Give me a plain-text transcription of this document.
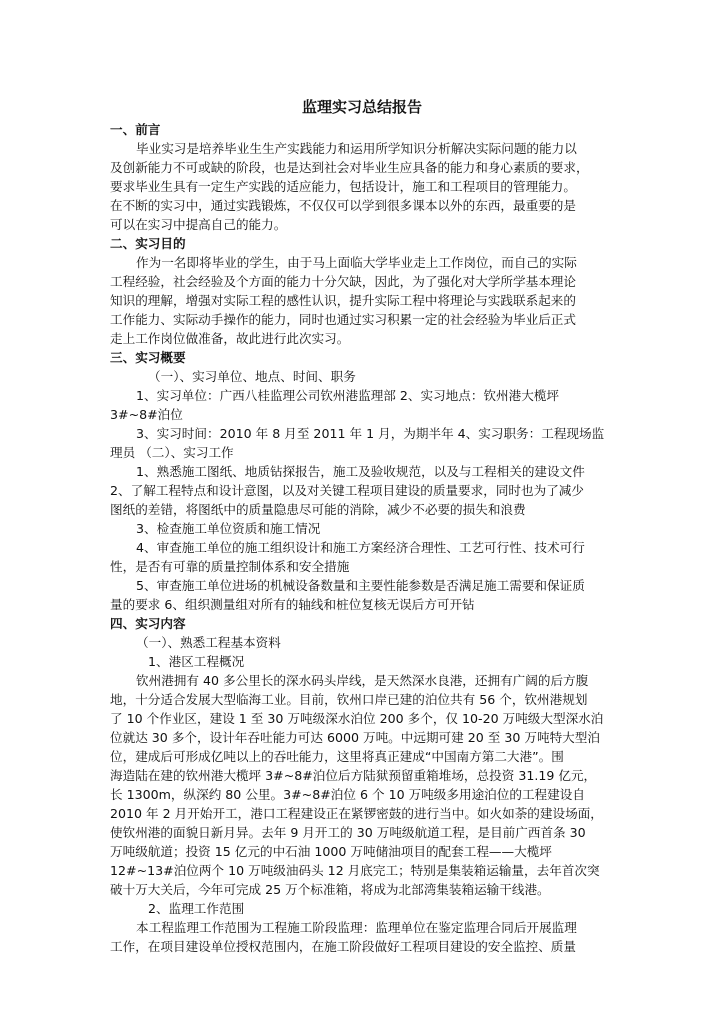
监理实习总结报告
一、前言
毕业实习是培养毕业生生产实践能力和运用所学知识分析解决实际问题的能力以
及创新能力不可或缺的阶段，也是达到社会对毕业生应具备的能力和身心素质的要求，
要求毕业生具有一定生产实践的适应能力，包括设计，施工和工程项目的管理能力。
在不断的实习中，通过实践锻炼，不仅仅可以学到很多课本以外的东西，最重要的是
可以在实习中提高自己的能力。
二、实习目的
作为一名即将毕业的学生，由于马上面临大学毕业走上工作岗位，而自己的实际
工程经验，社会经验及个方面的能力十分欠缺，因此，为了强化对大学所学基本理论
知识的理解，增强对实际工程的感性认识，提升实际工程中将理论与实践联系起来的
工作能力、实际动手操作的能力，同时也通过实习积累一定的社会经验为毕业后正式
走上工作岗位做准备，故此进行此次实习。
三、实习概要
（一）、实习单位、地点、时间、职务
1、实习单位：广西八桂监理公司钦州港监理部 2、实习地点：钦州港大榄坪
3#~8#泊位
3、实习时间：2010 年 8 月至 2011 年 1 月，为期半年 4、实习职务：工程现场监
理员 （二）、实习工作
1、熟悉施工图纸、地质钻探报告，施工及验收规范，以及与工程相关的建设文件
2、了解工程特点和设计意图，以及对关键工程项目建设的质量要求，同时也为了减少
图纸的差错，将图纸中的质量隐患尽可能的消除，减少不必要的损失和浪费
3、检查施工单位资质和施工情况
4、审查施工单位的施工组织设计和施工方案经济合理性、工艺可行性、技术可行
性，是否有可靠的质量控制体系和安全措施
5、审查施工单位进场的机械设备数量和主要性能参数是否满足施工需要和保证质
量的要求 6、组织测量组对所有的轴线和桩位复核无误后方可开钻
四、实习内容
（一）、熟悉工程基本资料
1、港区工程概况
钦州港拥有 40 多公里长的深水码头岸线，是天然深水良港，还拥有广阔的后方腹
地，十分适合发展大型临海工业。目前，钦州口岸已建的泊位共有 56 个，钦州港规划
了 10 个作业区，建设 1 至 30 万吨级深水泊位 200 多个，仅 10-20 万吨级大型深水泊
位就达 30 多个，设计年吞吐能力可达 6000 万吨。中远期可建 20 至 30 万吨特大型泊
位，建成后可形成亿吨以上的吞吐能力，这里将真正建成“中国南方第二大港”。围
海造陆在建的钦州港大榄坪 3#~8#泊位后方陆狱预留重箱堆场，总投资 31.19 亿元，
长 1300m，纵深约 80 公里。3#~8#泊位 6 个 10 万吨级多用途泊位的工程建设自
2010 年 2 月开始开工，港口工程建设正在紧锣密鼓的进行当中。如火如荼的建设场面，
使钦州港的面貌日新月异。去年 9 月开工的 30 万吨级航道工程，是目前广西首条 30
万吨级航道；投资 15 亿元的中石油 1000 万吨储油项目的配套工程——大榄坪
12#~13#泊位两个 10 万吨级油码头 12 月底完工；特别是集装箱运输量，去年首次突
破十万大关后，今年可完成 25 万个标准箱，将成为北部湾集装箱运输干线港。
2、监理工作范围
本工程监理工作范围为工程施工阶段监理：监理单位在鉴定监理合同后开展监理
工作，在项目建设单位授权范围内，在施工阶段做好工程项目建设的安全监控、质量
